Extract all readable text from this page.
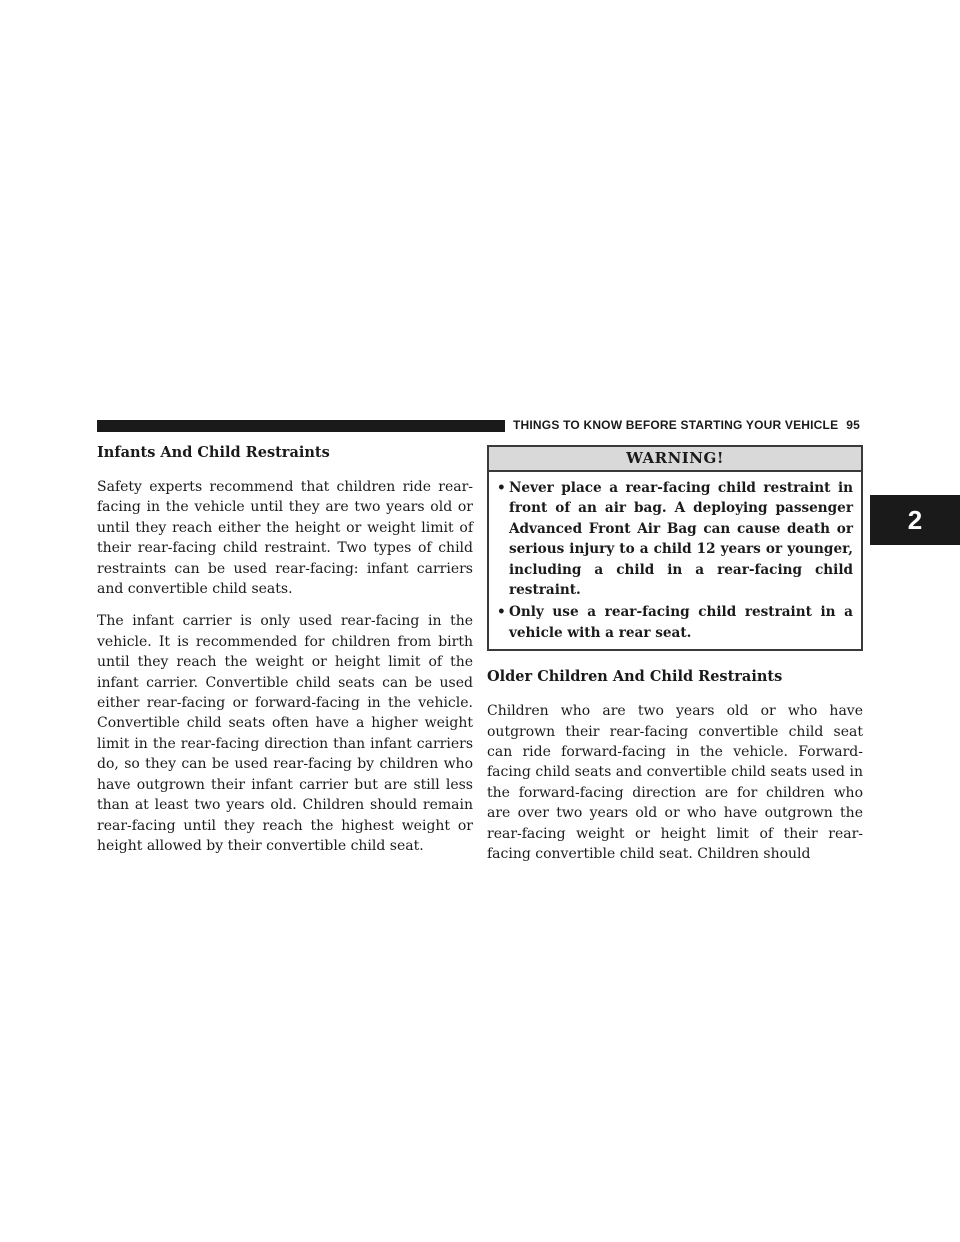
THINGS TO KNOW BEFORE STARTING YOUR VEHICLE 95
2
Infants And Child Restraints

Safety experts recommend that children ride rear-facing in the vehicle until they are two years old or until they reach either the height or weight limit of their rear-facing child restraint. Two types of child restraints can be used rear-facing: infant carriers and convertible child seats.

The infant carrier is only used rear-facing in the vehicle. It is recommended for children from birth until they reach the weight or height limit of the infant carrier. Convertible child seats can be used either rear-facing or forward-facing in the vehicle. Convertible child seats often have a higher weight limit in the rear-facing direction than infant carriers do, so they can be used rear-facing by children who have outgrown their infant carrier but are still less than at least two years old. Children should remain rear-facing until they reach the highest weight or height allowed by their convertible child seat.

WARNING!
• Never place a rear-facing child restraint in front of an air bag. A deploying passenger Advanced Front Air Bag can cause death or serious injury to a child 12 years or younger, including a child in a rear-facing child restraint.
• Only use a rear-facing child restraint in a vehicle with a rear seat.
Older Children And Child Restraints

Children who are two years old or who have outgrown their rear-facing convertible child seat can ride forward-facing in the vehicle. Forward-facing child seats and convertible child seats used in the forward-facing direction are for children who are over two years old or who have outgrown the rear-facing weight or height limit of their rear-facing convertible child seat. Children should
